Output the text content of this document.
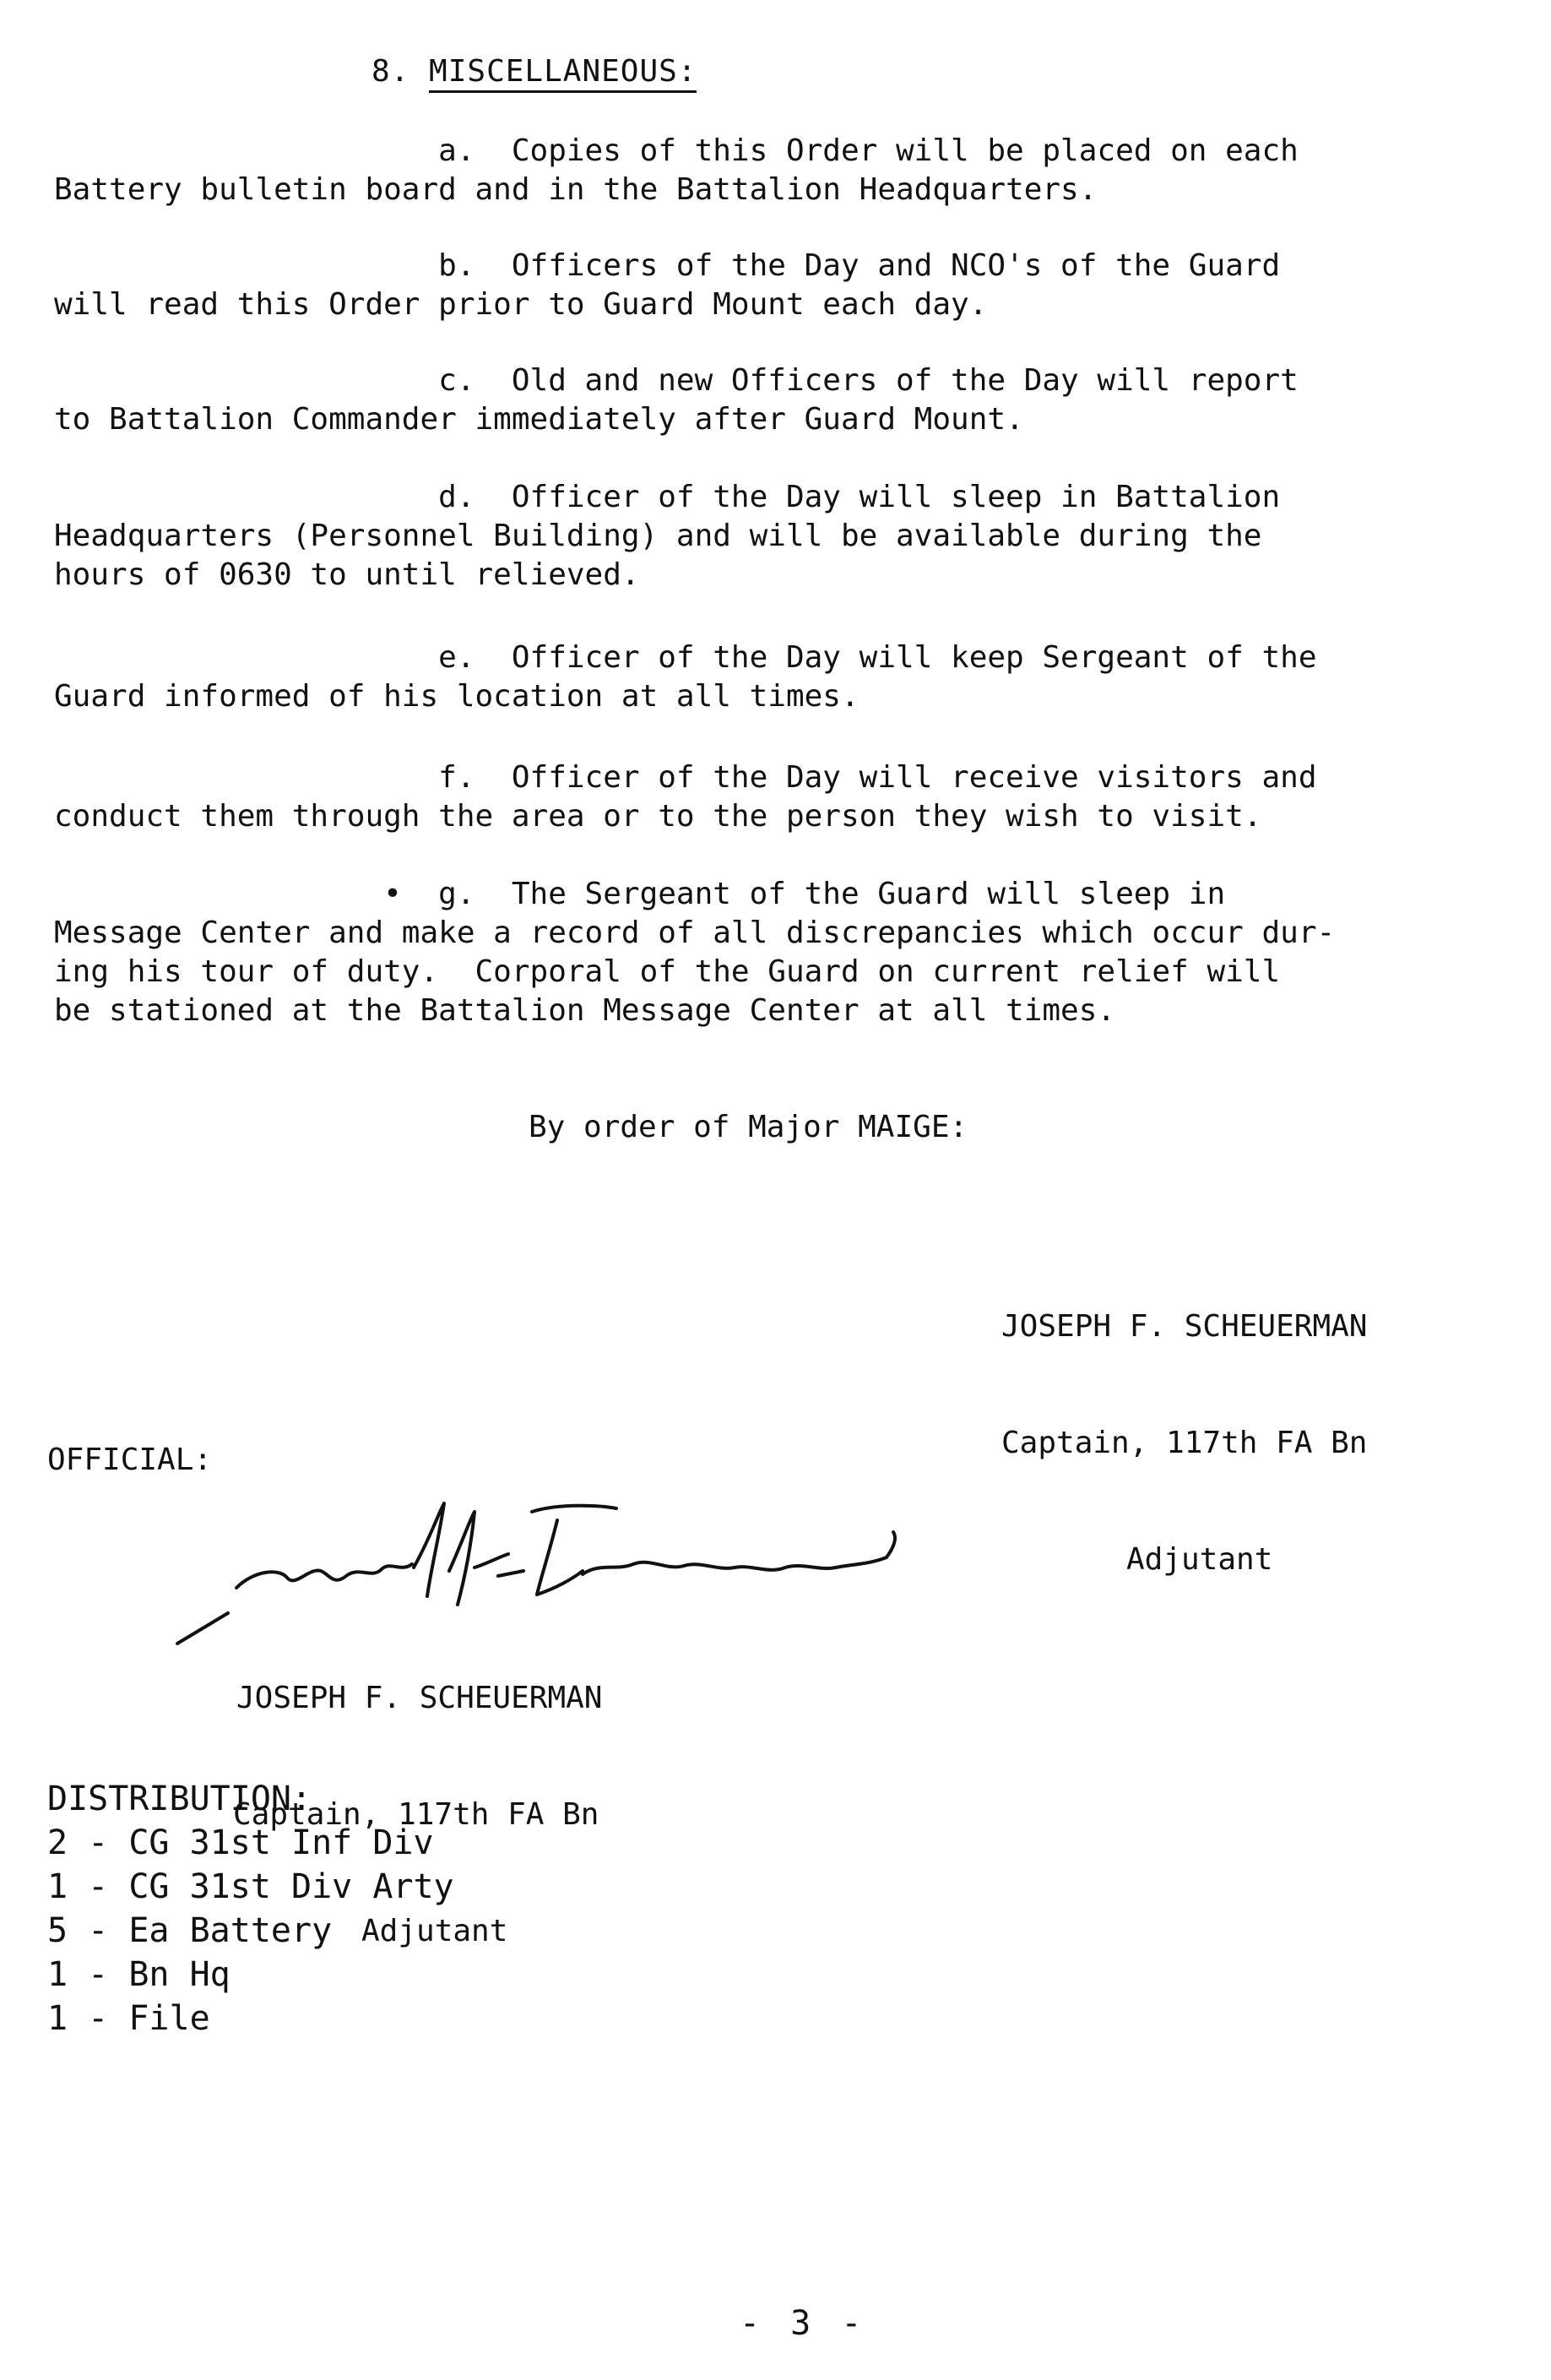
8. MISCELLANEOUS:
a.  Copies of this Order will be placed on each
Battery bulletin board and in the Battalion Headquarters.
b.  Officers of the Day and NCO's of the Guard
will read this Order prior to Guard Mount each day.
c.  Old and new Officers of the Day will report
to Battalion Commander immediately after Guard Mount.
d.  Officer of the Day will sleep in Battalion
Headquarters (Personnel Building) and will be available during the
hours of 0630 to until relieved.
e.  Officer of the Day will keep Sergeant of the
Guard informed of his location at all times.
f.  Officer of the Day will receive visitors and
conduct them through the area or to the person they wish to visit.
•  g.  The Sergeant of the Guard will sleep in
Message Center and make a record of all discrepancies which occur dur-
ing his tour of duty.  Corporal of the Guard on current relief will
be stationed at the Battalion Message Center at all times.
By order of Major MAIGE:

JOSEPH F. SCHEUERMAN

Captain, 117th FA Bn

Adjutant

OFFICIAL:

JOSEPH F. SCHEUERMAN

Captain, 117th FA Bn

Adjutant

DISTRIBUTION:
2 - CG 31st Inf Div
1 - CG 31st Div Arty
5 - Ea Battery
1 - Bn Hq
1 - File
- 3 -
